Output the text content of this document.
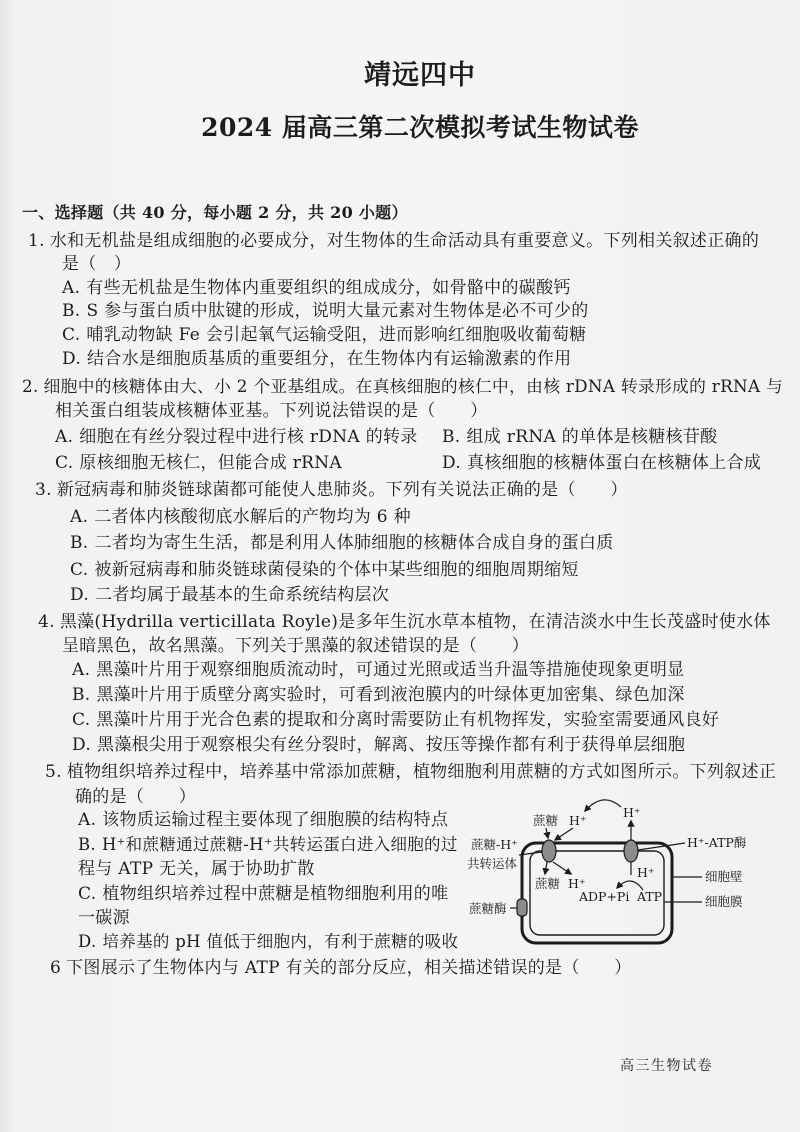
靖远四中
2024 届高三第二次模拟考试生物试卷
一、选择题（共 40 分，每小题 2 分，共 20 小题）
1. 水和无机盐是组成细胞的必要成分，对生物体的生命活动具有重要意义。下列相关叙述正确的
是（　）
A. 有些无机盐是生物体内重要组织的组成成分，如骨骼中的碳酸钙
B. S 参与蛋白质中肽键的形成，说明大量元素对生物体是必不可少的
C. 哺乳动物缺 Fe 会引起氧气运输受阻，进而影响红细胞吸收葡萄糖
D. 结合水是细胞质基质的重要组分，在生物体内有运输激素的作用
2. 细胞中的核糖体由大、小 2 个亚基组成。在真核细胞的核仁中，由核 rDNA 转录形成的 rRNA 与
相关蛋白组装成核糖体亚基。下列说法错误的是（　　）
A. 细胞在有丝分裂过程中进行核 rDNA 的转录	B. 组成 rRNA 的单体是核糖核苷酸
C. 原核细胞无核仁，但能合成 rRNA	D. 真核细胞的核糖体蛋白在核糖体上合成
3. 新冠病毒和肺炎链球菌都可能使人患肺炎。下列有关说法正确的是（　　）
A. 二者体内核酸彻底水解后的产物均为 6 种
B. 二者均为寄生生活，都是利用人体肺细胞的核糖体合成自身的蛋白质
C. 被新冠病毒和肺炎链球菌侵染的个体中某些细胞的细胞周期缩短
D. 二者均属于最基本的生命系统结构层次
4. 黑藻(Hydrilla verticillata Royle)是多年生沉水草本植物，在清洁淡水中生长茂盛时使水体
呈暗黑色，故名黑藻。下列关于黑藻的叙述错误的是（　　）
A. 黑藻叶片用于观察细胞质流动时，可通过光照或适当升温等措施使现象更明显
B. 黑藻叶片用于质壁分离实验时，可看到液泡膜内的叶绿体更加密集、绿色加深
C. 黑藻叶片用于光合色素的提取和分离时需要防止有机物挥发，实验室需要通风良好
D. 黑藻根尖用于观察根尖有丝分裂时，解离、按压等操作都有利于获得单层细胞
5. 植物组织培养过程中，培养基中常添加蔗糖，植物细胞利用蔗糖的方式如图所示。下列叙述正
确的是（　　）
A. 该物质运输过程主要体现了细胞膜的结构特点
B. H⁺和蔗糖通过蔗糖-H⁺共转运蛋白进入细胞的过
程与 ATP 无关，属于协助扩散
C. 植物组织培养过程中蔗糖是植物细胞利用的唯
一碳源
D. 培养基的 pH 值低于细胞内，有利于蔗糖的吸收
蔗糖 H⁺
H⁺
蔗糖-H⁺
共转运体
H⁺-ATP酶
细胞壁
细胞膜
蔗糖 H⁺
H⁺
ADP+Pi ATP
蔗糖酶
6 下图展示了生物体内与 ATP 有关的部分反应，相关描述错误的是（　　）
高三生物试卷
